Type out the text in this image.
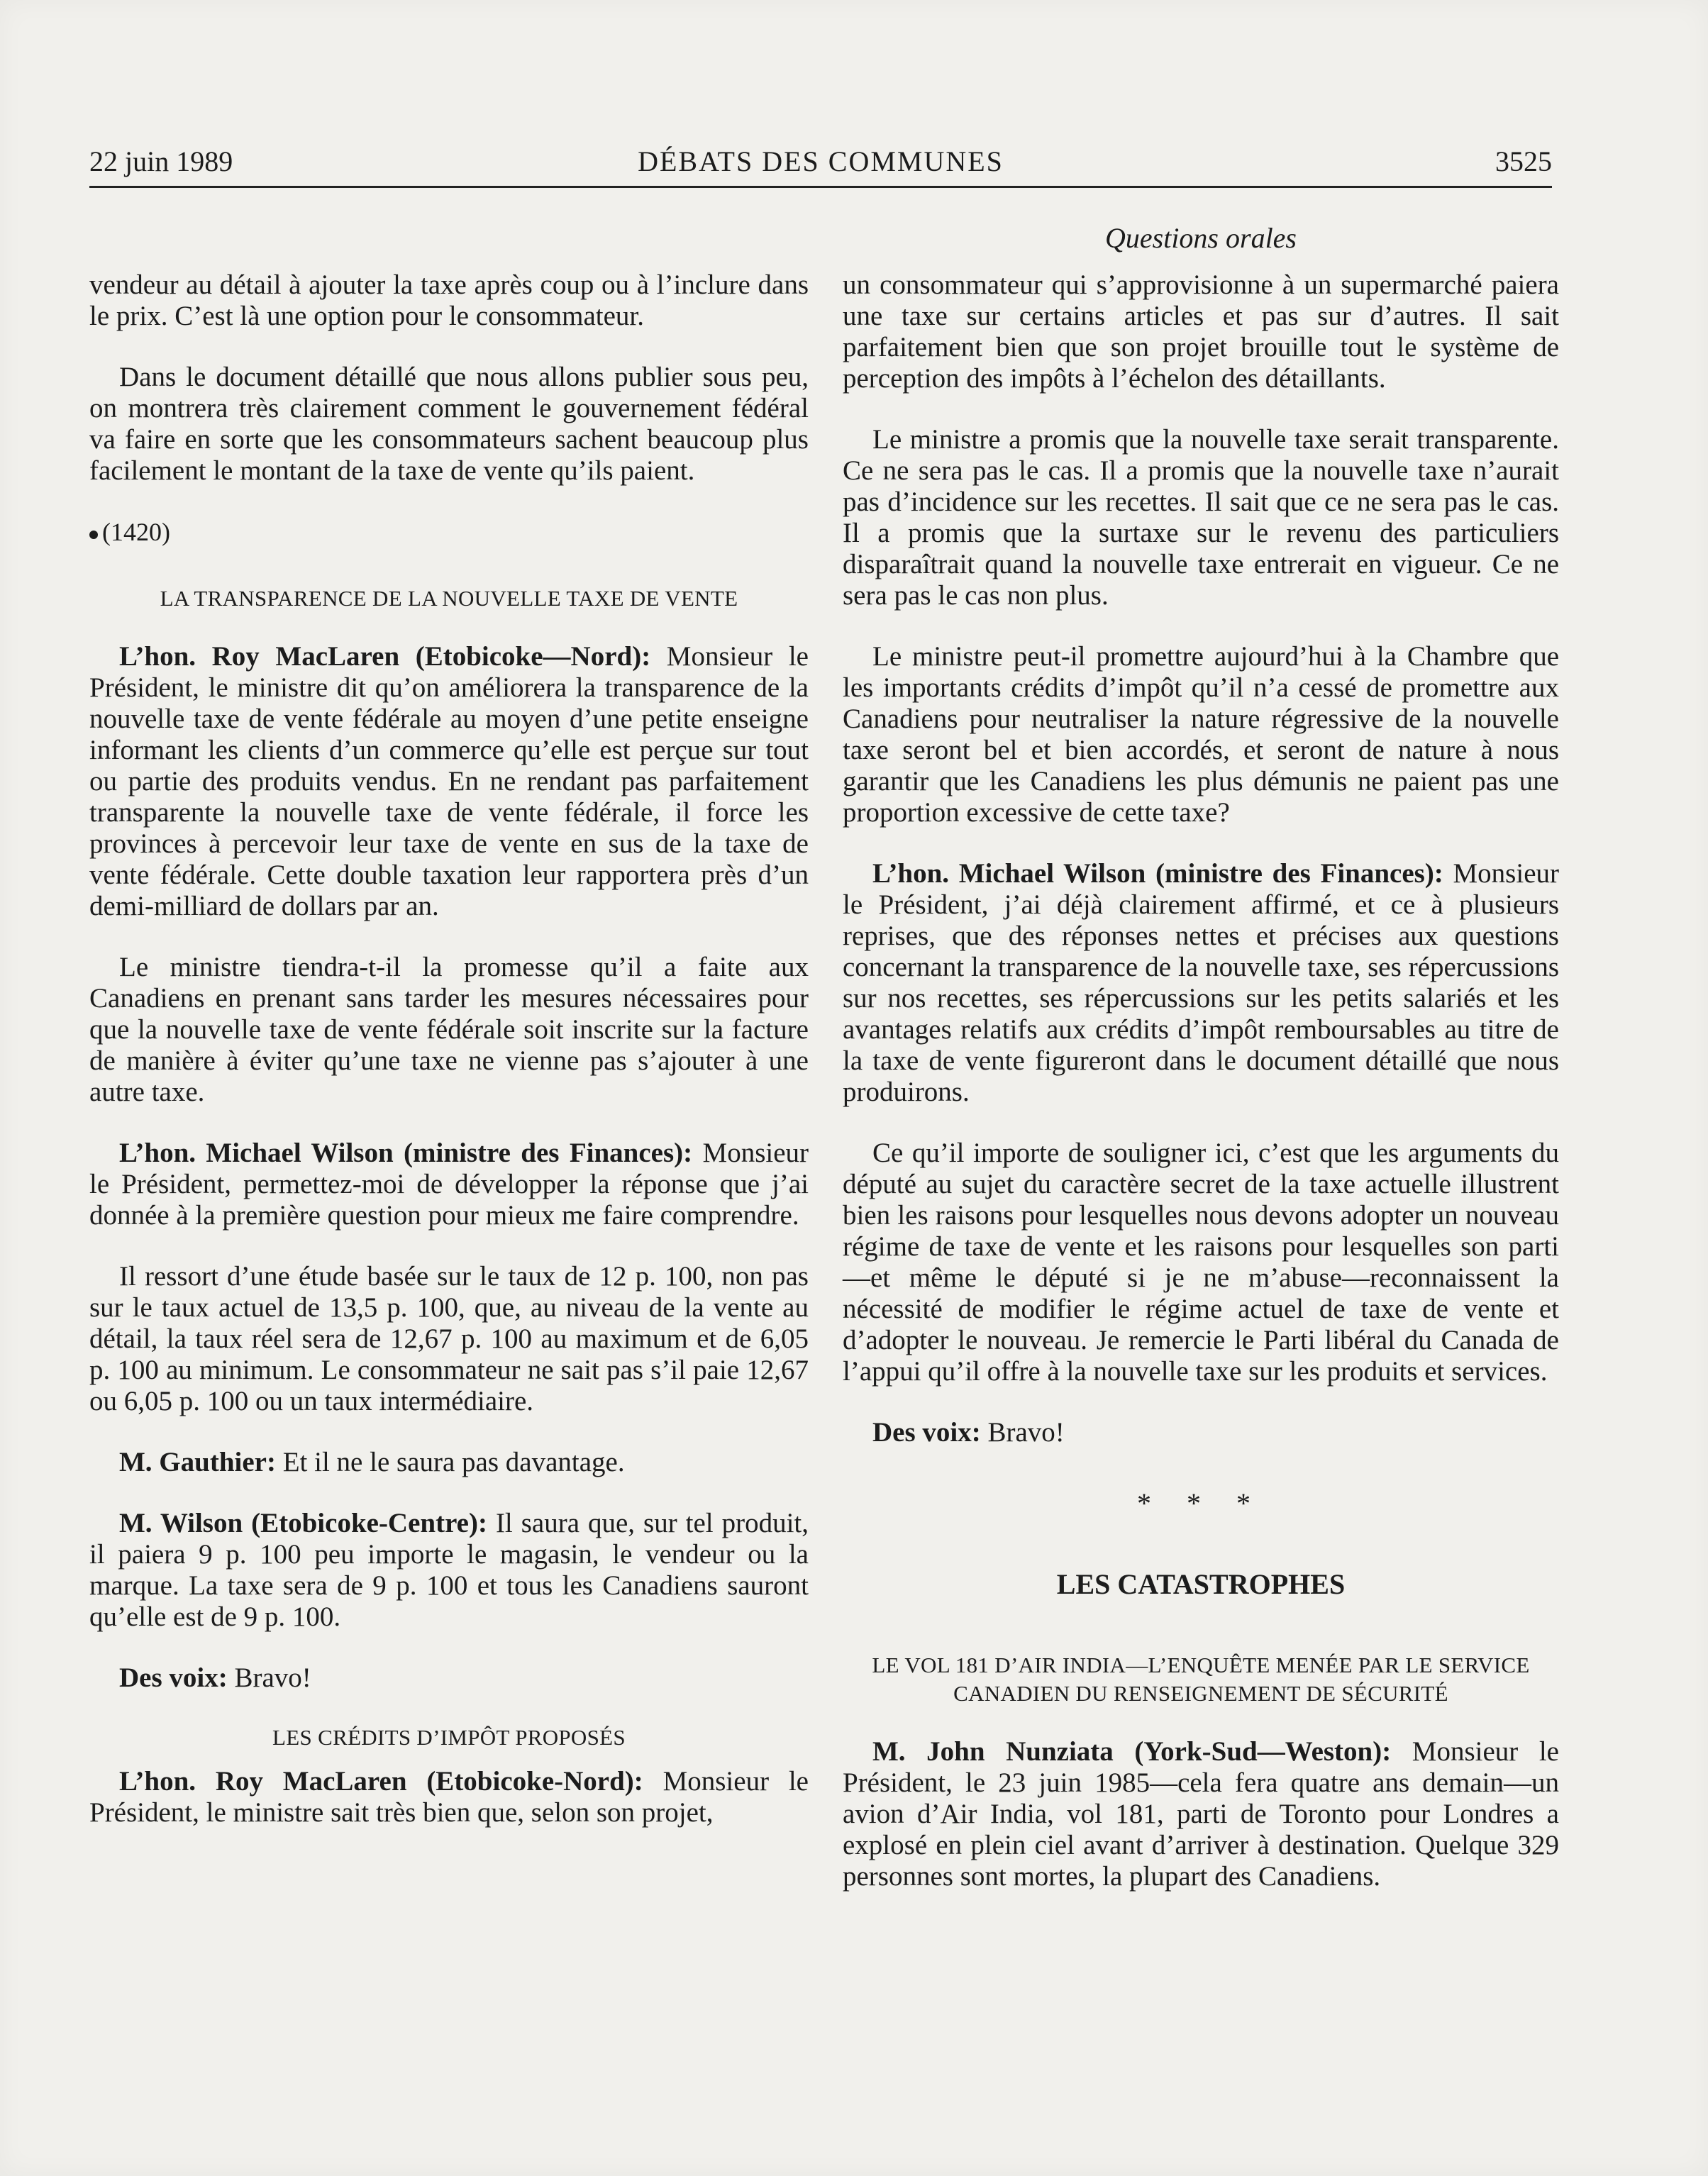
22 juin 1989	DÉBATS DES COMMUNES	3525
Questions orales

vendeur au détail à ajouter la taxe après coup ou à l’inclure dans le prix. C’est là une option pour le consommateur.

Dans le document détaillé que nous allons publier sous peu, on montrera très clairement comment le gouvernement fédéral va faire en sorte que les consommateurs sachent beaucoup plus facilement le montant de la taxe de vente qu’ils paient.

(1420)
LA TRANSPARENCE DE LA NOUVELLE TAXE DE VENTE

L’hon. Roy MacLaren (Etobicoke—Nord): Monsieur le Président, le ministre dit qu’on améliorera la transparence de la nouvelle taxe de vente fédérale au moyen d’une petite enseigne informant les clients d’un commerce qu’elle est perçue sur tout ou partie des produits vendus. En ne rendant pas parfaitement transparente la nouvelle taxe de vente fédérale, il force les provinces à percevoir leur taxe de vente en sus de la taxe de vente fédérale. Cette double taxation leur rapportera près d’un demi-milliard de dollars par an.

Le ministre tiendra-t-il la promesse qu’il a faite aux Canadiens en prenant sans tarder les mesures nécessaires pour que la nouvelle taxe de vente fédérale soit inscrite sur la facture de manière à éviter qu’une taxe ne vienne pas s’ajouter à une autre taxe.

L’hon. Michael Wilson (ministre des Finances): Monsieur le Président, permettez-moi de développer la réponse que j’ai donnée à la première question pour mieux me faire comprendre.

Il ressort d’une étude basée sur le taux de 12 p. 100, non pas sur le taux actuel de 13,5 p. 100, que, au niveau de la vente au détail, la taux réel sera de 12,67 p. 100 au maximum et de 6,05 p. 100 au minimum. Le consommateur ne sait pas s’il paie 12,67 ou 6,05 p. 100 ou un taux intermédiaire.

M. Gauthier: Et il ne le saura pas davantage.

M. Wilson (Etobicoke-Centre): Il saura que, sur tel produit, il paiera 9 p. 100 peu importe le magasin, le vendeur ou la marque. La taxe sera de 9 p. 100 et tous les Canadiens sauront qu’elle est de 9 p. 100.

Des voix: Bravo!

LES CRÉDITS D’IMPÔT PROPOSÉS

L’hon. Roy MacLaren (Etobicoke-Nord): Monsieur le Président, le ministre sait très bien que, selon son projet,

un consommateur qui s’approvisionne à un supermarché paiera une taxe sur certains articles et pas sur d’autres. Il sait parfaitement bien que son projet brouille tout le système de perception des impôts à l’échelon des détaillants.

Le ministre a promis que la nouvelle taxe serait transparente. Ce ne sera pas le cas. Il a promis que la nouvelle taxe n’aurait pas d’incidence sur les recettes. Il sait que ce ne sera pas le cas. Il a promis que la surtaxe sur le revenu des particuliers disparaîtrait quand la nouvelle taxe entrerait en vigueur. Ce ne sera pas le cas non plus.

Le ministre peut-il promettre aujourd’hui à la Chambre que les importants crédits d’impôt qu’il n’a cessé de promettre aux Canadiens pour neutraliser la nature régressive de la nouvelle taxe seront bel et bien accordés, et seront de nature à nous garantir que les Canadiens les plus démunis ne paient pas une proportion excessive de cette taxe?

L’hon. Michael Wilson (ministre des Finances): Monsieur le Président, j’ai déjà clairement affirmé, et ce à plusieurs reprises, que des réponses nettes et précises aux questions concernant la transparence de la nouvelle taxe, ses répercussions sur nos recettes, ses répercussions sur les petits salariés et les avantages relatifs aux crédits d’impôt remboursables au titre de la taxe de vente figureront dans le document détaillé que nous produirons.

Ce qu’il importe de souligner ici, c’est que les arguments du député au sujet du caractère secret de la taxe actuelle illustrent bien les raisons pour lesquelles nous devons adopter un nouveau régime de taxe de vente et les raisons pour lesquelles son parti—et même le député si je ne m’abuse—reconnaissent la nécessité de modifier le régime actuel de taxe de vente et d’adopter le nouveau. Je remercie le Parti libéral du Canada de l’appui qu’il offre à la nouvelle taxe sur les produits et services.

Des voix: Bravo!

* * *
LES CATASTROPHES
LE VOL 181 D’AIR INDIA—L’ENQUÊTE MENÉE PAR LE SERVICE CANADIEN DU RENSEIGNEMENT DE SÉCURITÉ

M. John Nunziata (York-Sud—Weston): Monsieur le Président, le 23 juin 1985—cela fera quatre ans demain—un avion d’Air India, vol 181, parti de Toronto pour Londres a explosé en plein ciel avant d’arriver à destination. Quelque 329 personnes sont mortes, la plupart des Canadiens.
